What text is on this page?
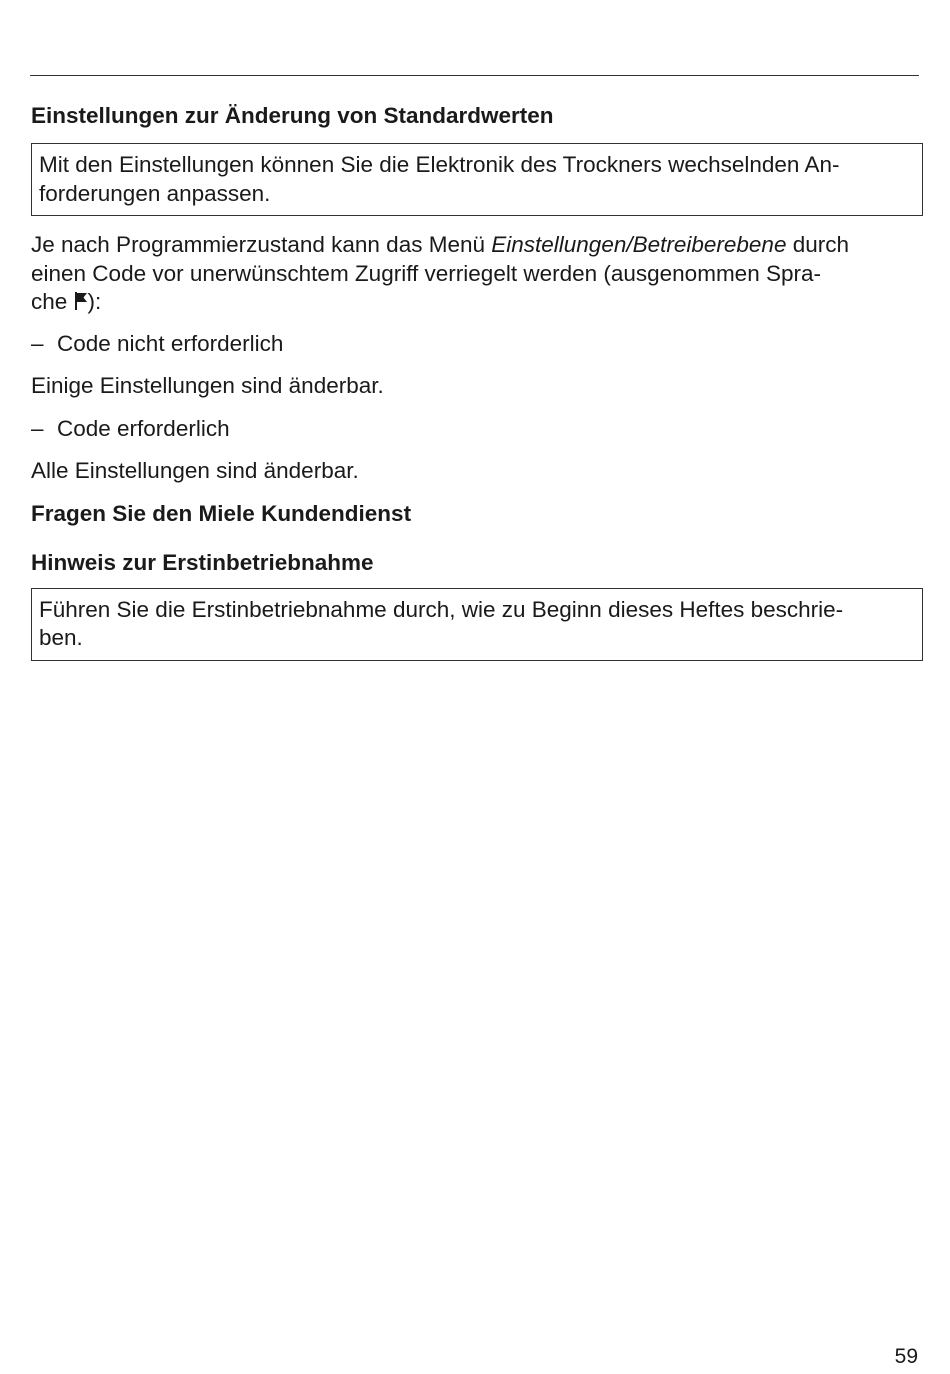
Einstellungen zur Änderung von Standardwerten

Mit den Einstellungen können Sie die Elektronik des Trockners wechselnden An-

forderungen anpassen.

Je nach Programmierzustand kann das Menü Einstellungen/Betreiberebene durch

einen Code vor unerwünschtem Zugriff verriegelt werden (ausgenommen Spra-

che ):

– Code nicht erforderlich

Einige Einstellungen sind änderbar.

– Code erforderlich

Alle Einstellungen sind änderbar.

Fragen Sie den Miele Kundendienst
Hinweis zur Erstinbetriebnahme

Führen Sie die Erstinbetriebnahme durch, wie zu Beginn dieses Heftes beschrie-

ben.

59
